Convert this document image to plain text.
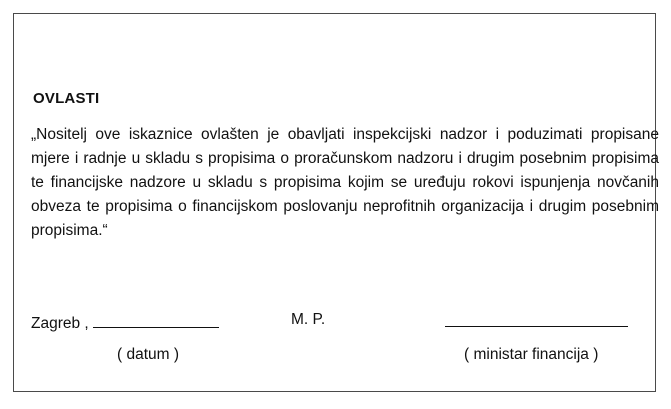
OVLASTI
„Nositelj ove iskaznice ovlašten je obavljati inspekcijski nadzor i poduzimati propisane mjere i radnje u skladu s propisima o proračunskom nadzoru i drugim posebnim propisima te financijske nadzore u skladu s propisima kojim se uređuju rokovi ispunjenja novčanih obveza te propisima o financijskom poslovanju neprofitnih organizacija i drugim posebnim propisima.“
Zagreb ,	M. P.
( datum )	( ministar financija )
